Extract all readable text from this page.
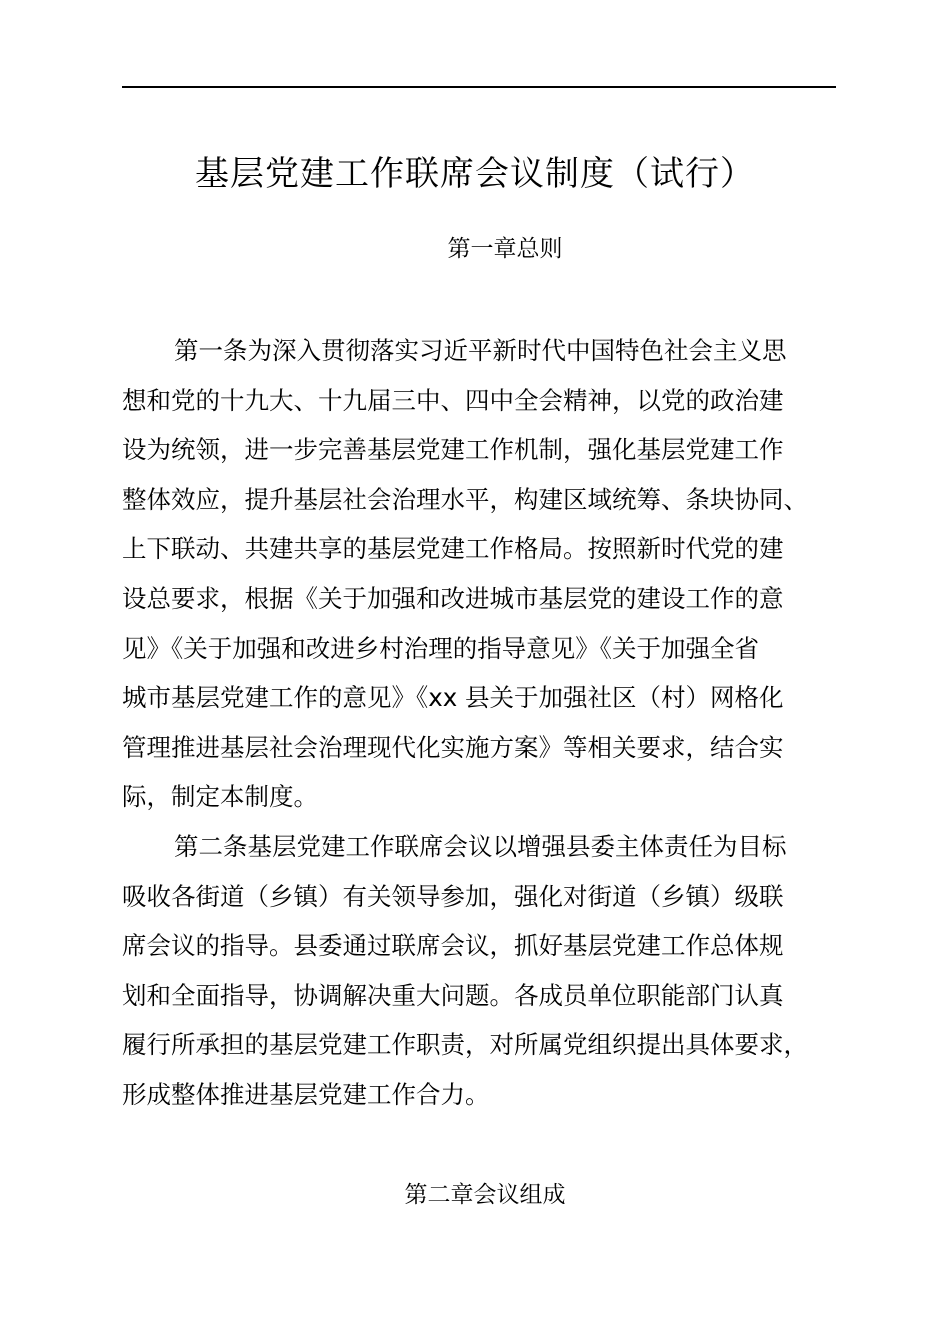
基层党建工作联席会议制度（试行）
第一章总则

第一条为深入贯彻落实习近平新时代中国特色社会主义思
想和党的十九大、十九届三中、四中全会精神，以党的政治建
设为统领，进一步完善基层党建工作机制，强化基层党建工作
整体效应，提升基层社会治理水平，构建区域统筹、条块协同、
上下联动、共建共享的基层党建工作格局。按照新时代党的建
设总要求，根据《关于加强和改进城市基层党的建设工作的意
见》《关于加强和改进乡村治理的指导意见》《关于加强全省
城市基层党建工作的意见》《xx 县关于加强社区（村）网格化
管理推进基层社会治理现代化实施方案》等相关要求，结合实
际，制定本制度。

第二条基层党建工作联席会议以增强县委主体责任为目标
吸收各街道（乡镇）有关领导参加，强化对街道（乡镇）级联
席会议的指导。县委通过联席会议，抓好基层党建工作总体规
划和全面指导，协调解决重大问题。各成员单位职能部门认真
履行所承担的基层党建工作职责，对所属党组织提出具体要求，
形成整体推进基层党建工作合力。

第二章会议组成
